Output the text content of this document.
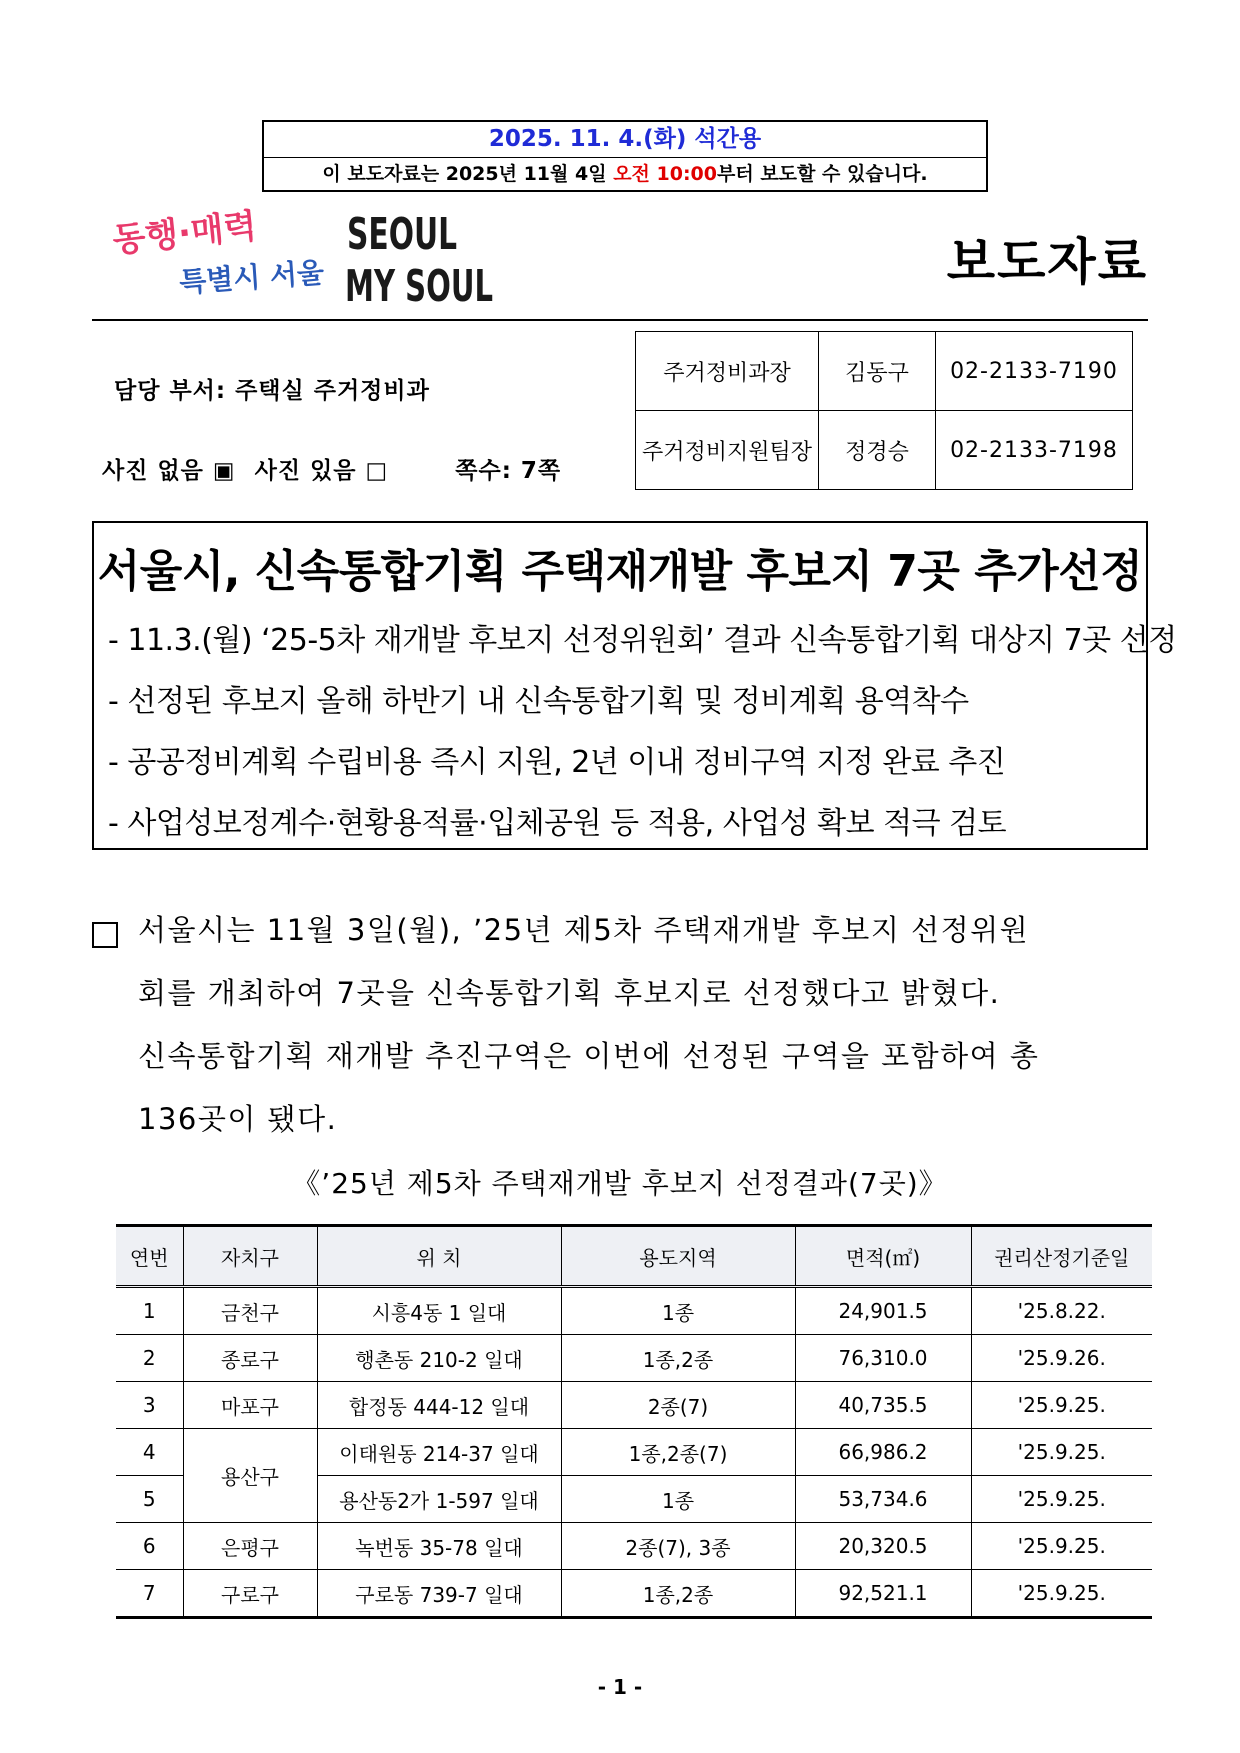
2025. 11. 4.(화) 석간용
이 보도자료는 2025년 11월 4일 오전 10:00부터 보도할 수 있습니다.
동행·매력
특별시 서울
SEOUL
MY SOUL	보도자료
담당 부서: 주택실 주거정비과
사진 없음 ▣ 사진 있음 □	쪽수: 7쪽
주거정비과장	김동구	02-2133-7190
주거정비지원팀장	정경승	02-2133-7198
서울시, 신속통합기획 주택재개발 후보지 7곳 추가선정
- 11.3.(월) ‘25-5차 재개발 후보지 선정위원회’ 결과 신속통합기획 대상지 7곳 선정
- 선정된 후보지 올해 하반기 내 신속통합기획 및 정비계획 용역착수
- 공공정비계획 수립비용 즉시 지원, 2년 이내 정비구역 지정 완료 추진
- 사업성보정계수·현황용적률·입체공원 등 적용, 사업성 확보 적극 검토
서울시는 11월 3일(월), ’25년 제5차 주택재개발 후보지 선정위원
회를 개최하여 7곳을 신속통합기획 후보지로 선정했다고 밝혔다.
신속통합기획 재개발 추진구역은 이번에 선정된 구역을 포함하여 총
136곳이 됐다.
《’25년 제5차 주택재개발 후보지 선정결과(7곳)》
연번	자치구	위 치	용도지역	면적(㎡)	권리산정기준일
1	금천구	시흥4동 1 일대	1종	24,901.5	'25.8.22.
2	종로구	행촌동 210-2 일대	1종,2종	76,310.0	'25.9.26.
3	마포구	합정동 444-12 일대	2종(7)	40,735.5	'25.9.25.
4	용산구	이태원동 214-37 일대	1종,2종(7)	66,986.2	'25.9.25.
5		용산동2가 1-597 일대	1종	53,734.6	'25.9.25.
6	은평구	녹번동 35-78 일대	2종(7), 3종	20,320.5	'25.9.25.
7	구로구	구로동 739-7 일대	1종,2종	92,521.1	'25.9.25.
- 1 -
